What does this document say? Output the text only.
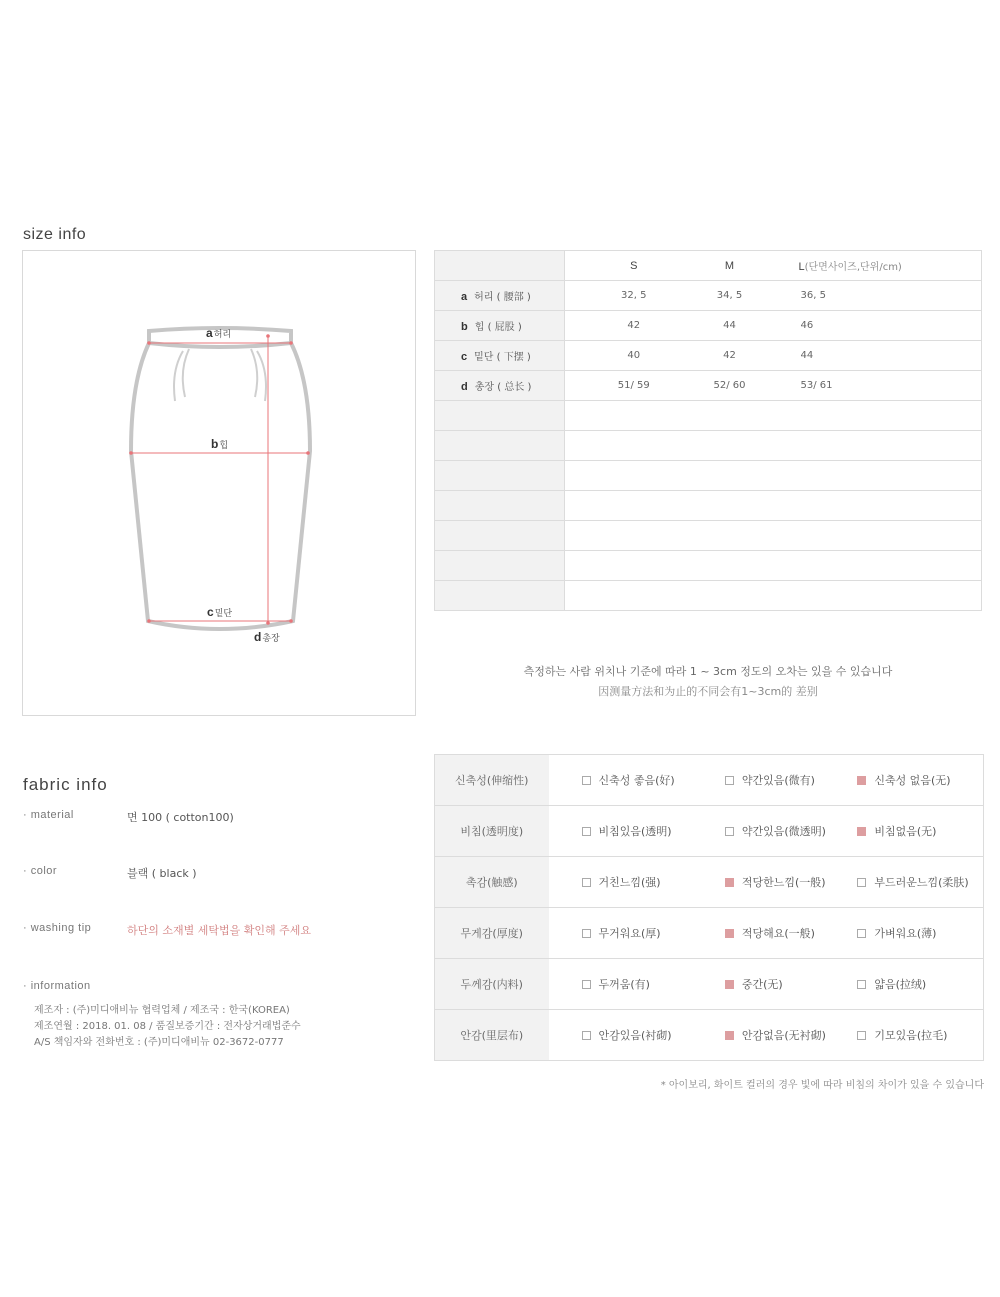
size info
a허리
b힙
c밑단
d총장
	S	M	L(단면사이즈,단위/cm)
a 허리 ( 腰部 )	32, 5	34, 5	36, 5
b 힙 ( 屁股 )	42	44	46
c 밑단 ( 下摆 )	40	42	44
d 총장 ( 总长 )	51/ 59	52/ 60	53/ 61

측정하는 사람 위치나 기준에 따라 1 ~ 3cm 정도의 오차는 있을 수 있습니다
因测量方法和为止的不同会有1~3cm的 差别
fabric info
· material	면 100 ( cotton100)
· color	블랙 ( black )
· washing tip	하단의 소재별 세탁법을 확인해 주세요
· information
제조자 : (주)미디애비뉴 협력업체 / 제조국 : 한국(KOREA)
제조연월 : 2018. 01. 08 / 품질보증기간 : 전자상거래법준수
A/S 책임자와 전화번호 : (주)미디애비뉴 02-3672-0777
신축성(伸缩性)	신축성 좋음(好)	약간있음(微有)	신축성 없음(无)
비침(透明度)	비침있음(透明)	약간있음(微透明)	비침없음(无)
촉감(触感)	거친느낌(强)	적당한느낌(一般)	부드러운느낌(柔肤)
무게감(厚度)	무거워요(厚)	적당해요(一般)	가벼워요(薄)
두께감(内料)	두꺼움(有)	중간(无)	얇음(拉绒)
안감(里层布)	안감있음(衬砌)	안감없음(无衬砌)	기모있음(拉毛)
* 아이보리, 화이트 컬러의 경우 빛에 따라 비침의 차이가 있을 수 있습니다
